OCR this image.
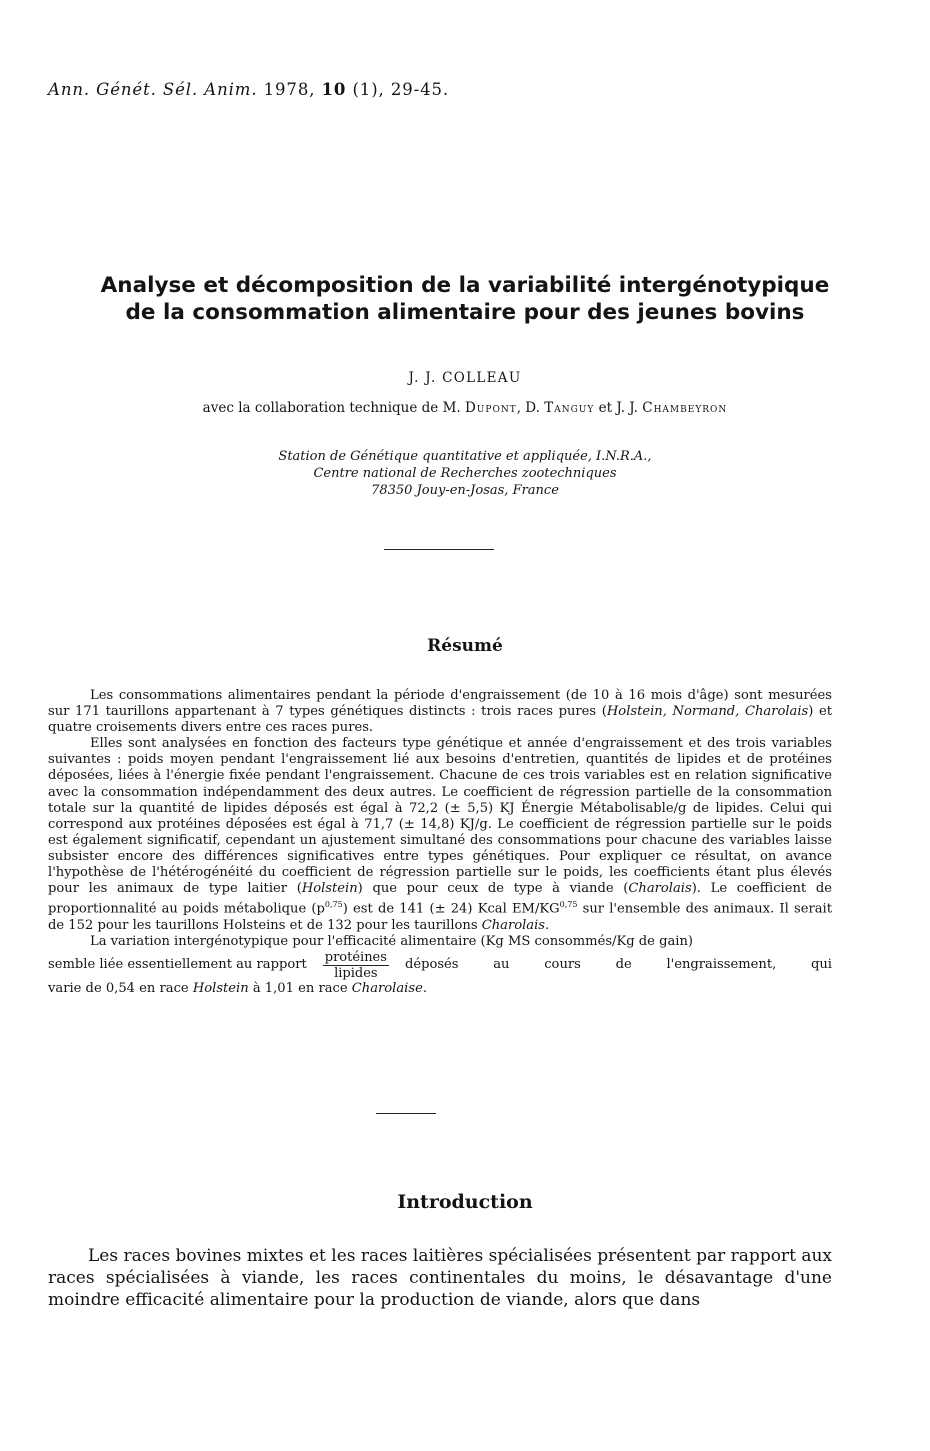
Ann. Génét. Sél. Anim. 1978, 10 (1), 29-45.
Analyse et décomposition de la variabilité intergénotypique
de la consommation alimentaire pour des jeunes bovins
J. J. COLLEAU
avec la collaboration technique de M. Dupont, D. Tanguy et J. J. Chambeyron
Station de Génétique quantitative et appliquée, I.N.R.A.,
Centre national de Recherches zootechniques
78350 Jouy-en-Josas, France
Résumé

Les consommations alimentaires pendant la période d'engraissement (de 10 à 16 mois d'âge) sont mesurées sur 171 taurillons appartenant à 7 types génétiques distincts : trois races pures (Holstein, Normand, Charolais) et quatre croisements divers entre ces races pures.

Elles sont analysées en fonction des facteurs type génétique et année d'engraissement et des trois variables suivantes : poids moyen pendant l'engraissement lié aux besoins d'entretien, quantités de lipides et de protéines déposées, liées à l'énergie fixée pendant l'engraissement. Chacune de ces trois variables est en relation significative avec la consommation indépendamment des deux autres. Le coefficient de régression partielle de la consommation totale sur la quantité de lipides déposés est égal à 72,2 (± 5,5) KJ Énergie Métabolisable/g de lipides. Celui qui correspond aux protéines déposées est égal à 71,7 (± 14,8) KJ/g. Le coefficient de régression partielle sur le poids est également significatif, cependant un ajustement simultané des consommations pour chacune des variables laisse subsister encore des différences significatives entre types génétiques. Pour expliquer ce résultat, on avance l'hypothèse de l'hétérogénéité du coefficient de régression partielle sur le poids, les coefficients étant plus élevés pour les animaux de type laitier (Holstein) que pour ceux de type à viande (Charolais). Le coefficient de proportionnalité au poids métabolique $(p^{0,75})$ est de 141 (± 24) Kcal EM/KG$^{0,75}$ sur l'ensemble des animaux. Il serait de 152 pour les taurillons Holsteins et de 132 pour les taurillons Charolais.

La variation intergénotypique pour l'efficacité alimentaire (Kg MS consommés/Kg de gain)

semble liée essentiellement au rapport $\frac{\text{protéines}}{\text{lipides}}$ déposés au cours de l'engraissement, qui

varie de 0,54 en race Holstein à 1,01 en race Charolaise.

Introduction

Les races bovines mixtes et les races laitières spécialisées présentent par rapport aux races spécialisées à viande, les races continentales du moins, le désavantage d'une moindre efficacité alimentaire pour la production de viande, alors que dans
